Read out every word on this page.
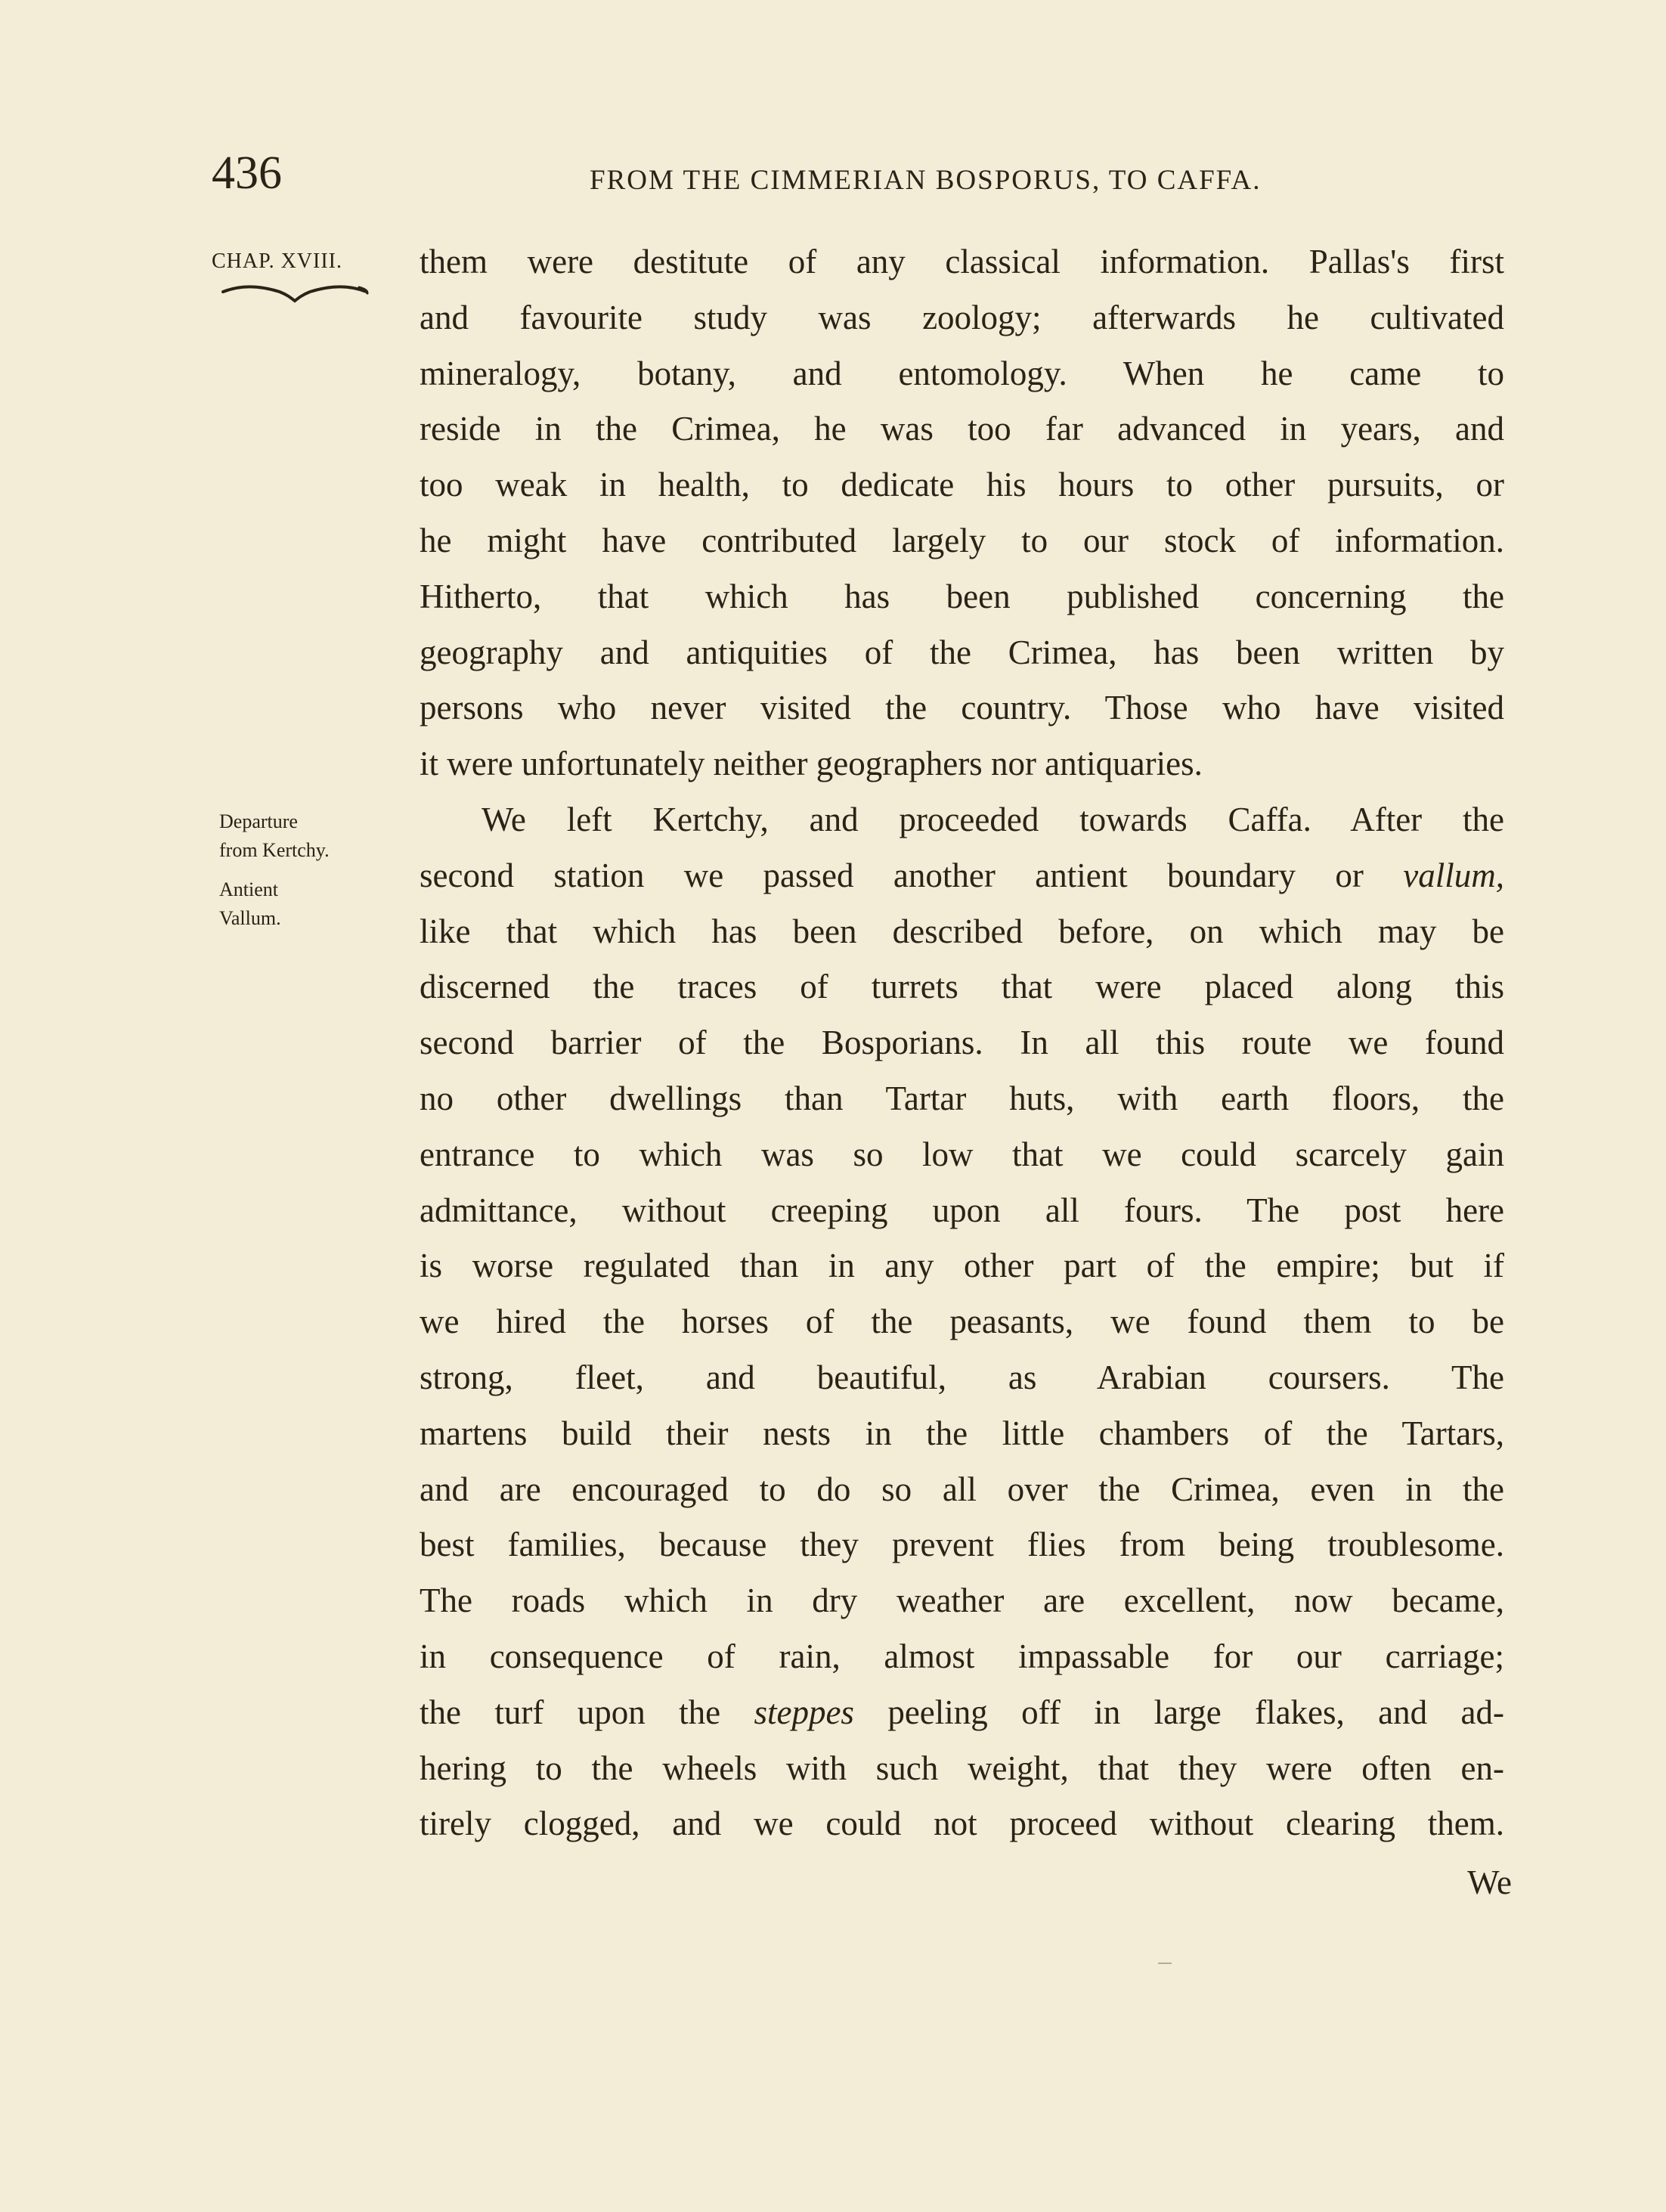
436	FROM THE CIMMERIAN BOSPORUS, TO CAFFA.
CHAP. XVIII.
Departure
from Kertchy.
Antient
Vallum.
them were destitute of any classical information. Pallas's first
and favourite study was zoology; afterwards he cultivated
mineralogy, botany, and entomology. When he came to
reside in the Crimea, he was too far advanced in years, and
too weak in health, to dedicate his hours to other pursuits, or
he might have contributed largely to our stock of information.
Hitherto, that which has been published concerning the
geography and antiquities of the Crimea, has been written by
persons who never visited the country. Those who have visited
it were unfortunately neither geographers nor antiquaries.
We left Kertchy, and proceeded towards Caffa. After the
second station we passed another antient boundary or vallum,
like that which has been described before, on which may be
discerned the traces of turrets that were placed along this
second barrier of the Bosporians. In all this route we found
no other dwellings than Tartar huts, with earth floors, the
entrance to which was so low that we could scarcely gain
admittance, without creeping upon all fours. The post here
is worse regulated than in any other part of the empire; but if
we hired the horses of the peasants, we found them to be
strong, fleet, and beautiful, as Arabian coursers. The
martens build their nests in the little chambers of the Tartars,
and are encouraged to do so all over the Crimea, even in the
best families, because they prevent flies from being troublesome.
The roads which in dry weather are excellent, now became,
in consequence of rain, almost impassable for our carriage;
the turf upon the steppes peeling off in large flakes, and ad-
hering to the wheels with such weight, that they were often en-
tirely clogged, and we could not proceed without clearing them.
We
